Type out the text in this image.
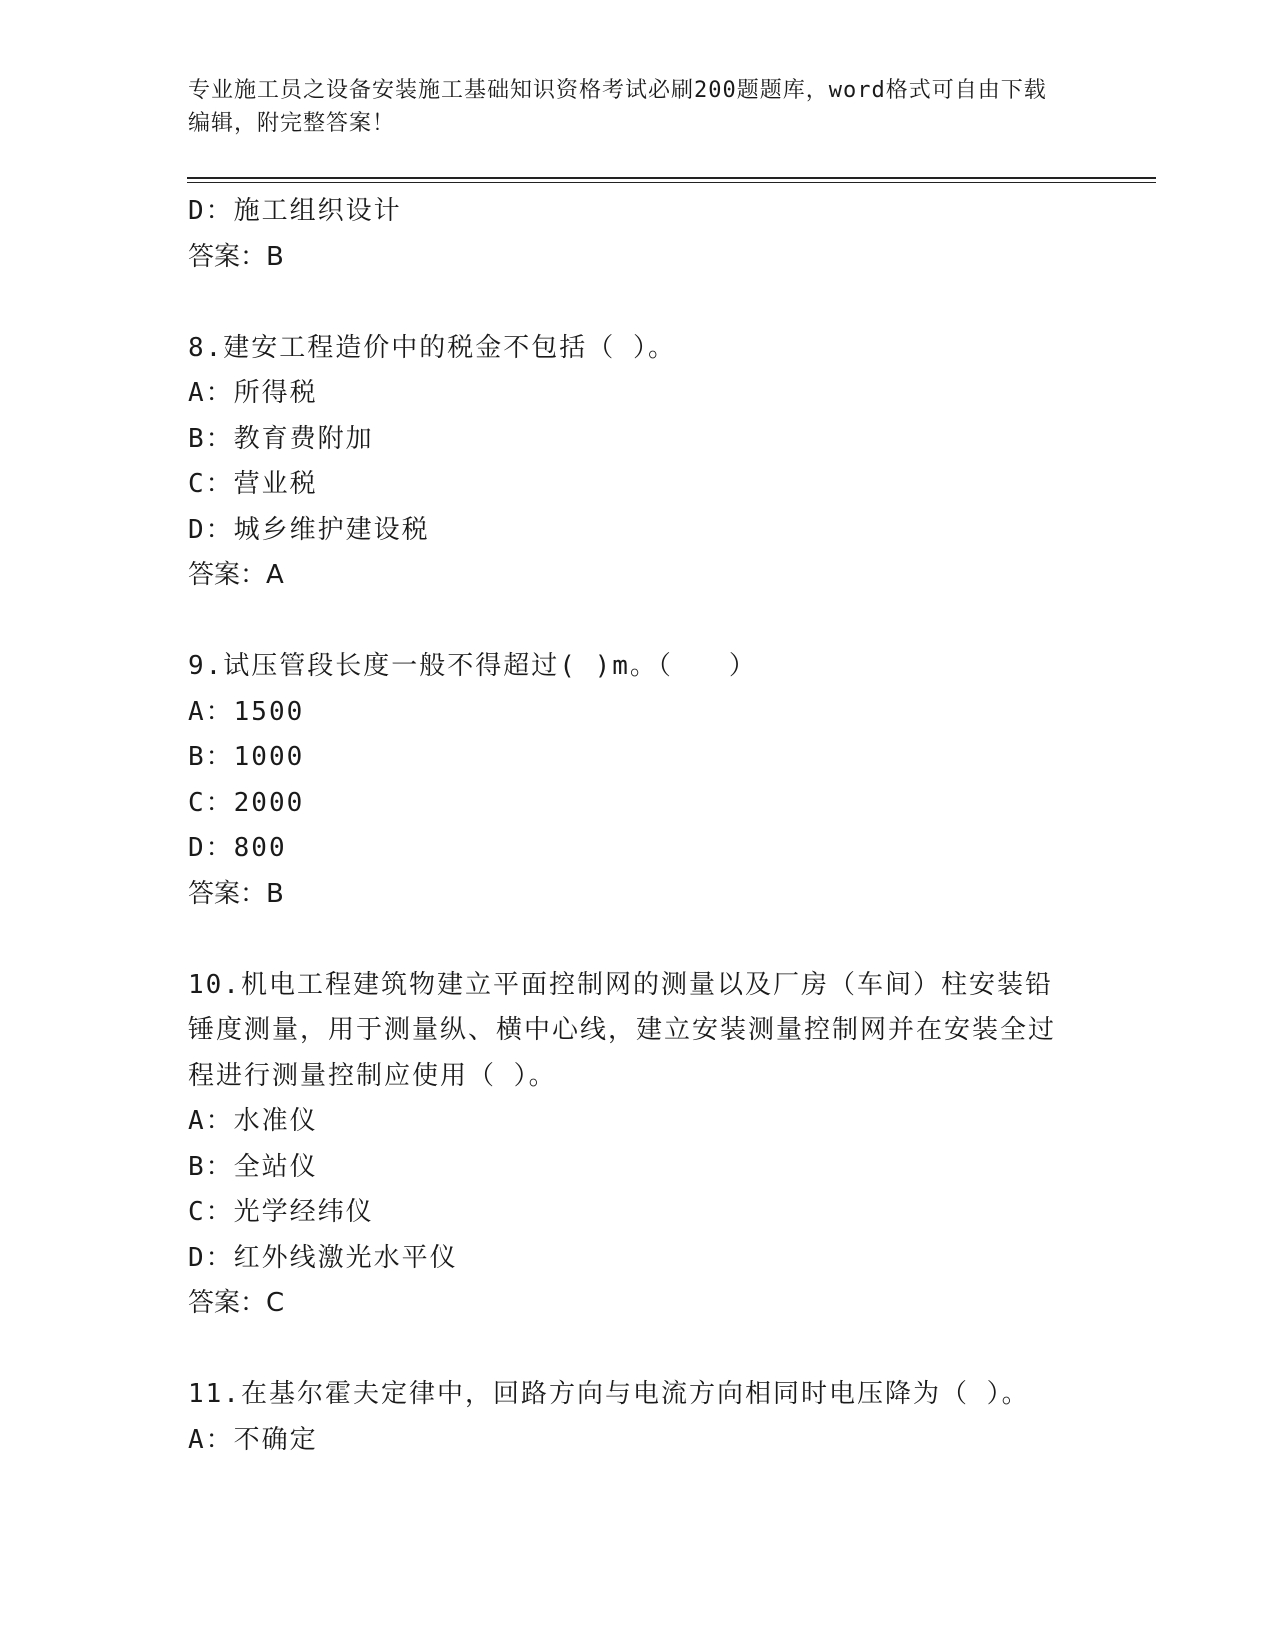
专业施工员之设备安装施工基础知识资格考试必刷200题题库，word格式可自由下载编辑，附完整答案！
D：施工组织设计
答案：B
8.建安工程造价中的税金不包括（ ）。
A：所得税
B：教育费附加
C：营业税
D：城乡维护建设税
答案：A
9.试压管段长度一般不得超过( )m。（　　）
A：1500
B：1000
C：2000
D：800
答案：B
10.机电工程建筑物建立平面控制网的测量以及厂房（车间）柱安装铅锤度测量，用于测量纵、横中心线，建立安装测量控制网并在安装全过程进行测量控制应使用（ ）。
A：水准仪
B：全站仪
C：光学经纬仪
D：红外线激光水平仪
答案：C
11.在基尔霍夫定律中，回路方向与电流方向相同时电压降为（ ）。
A：不确定
